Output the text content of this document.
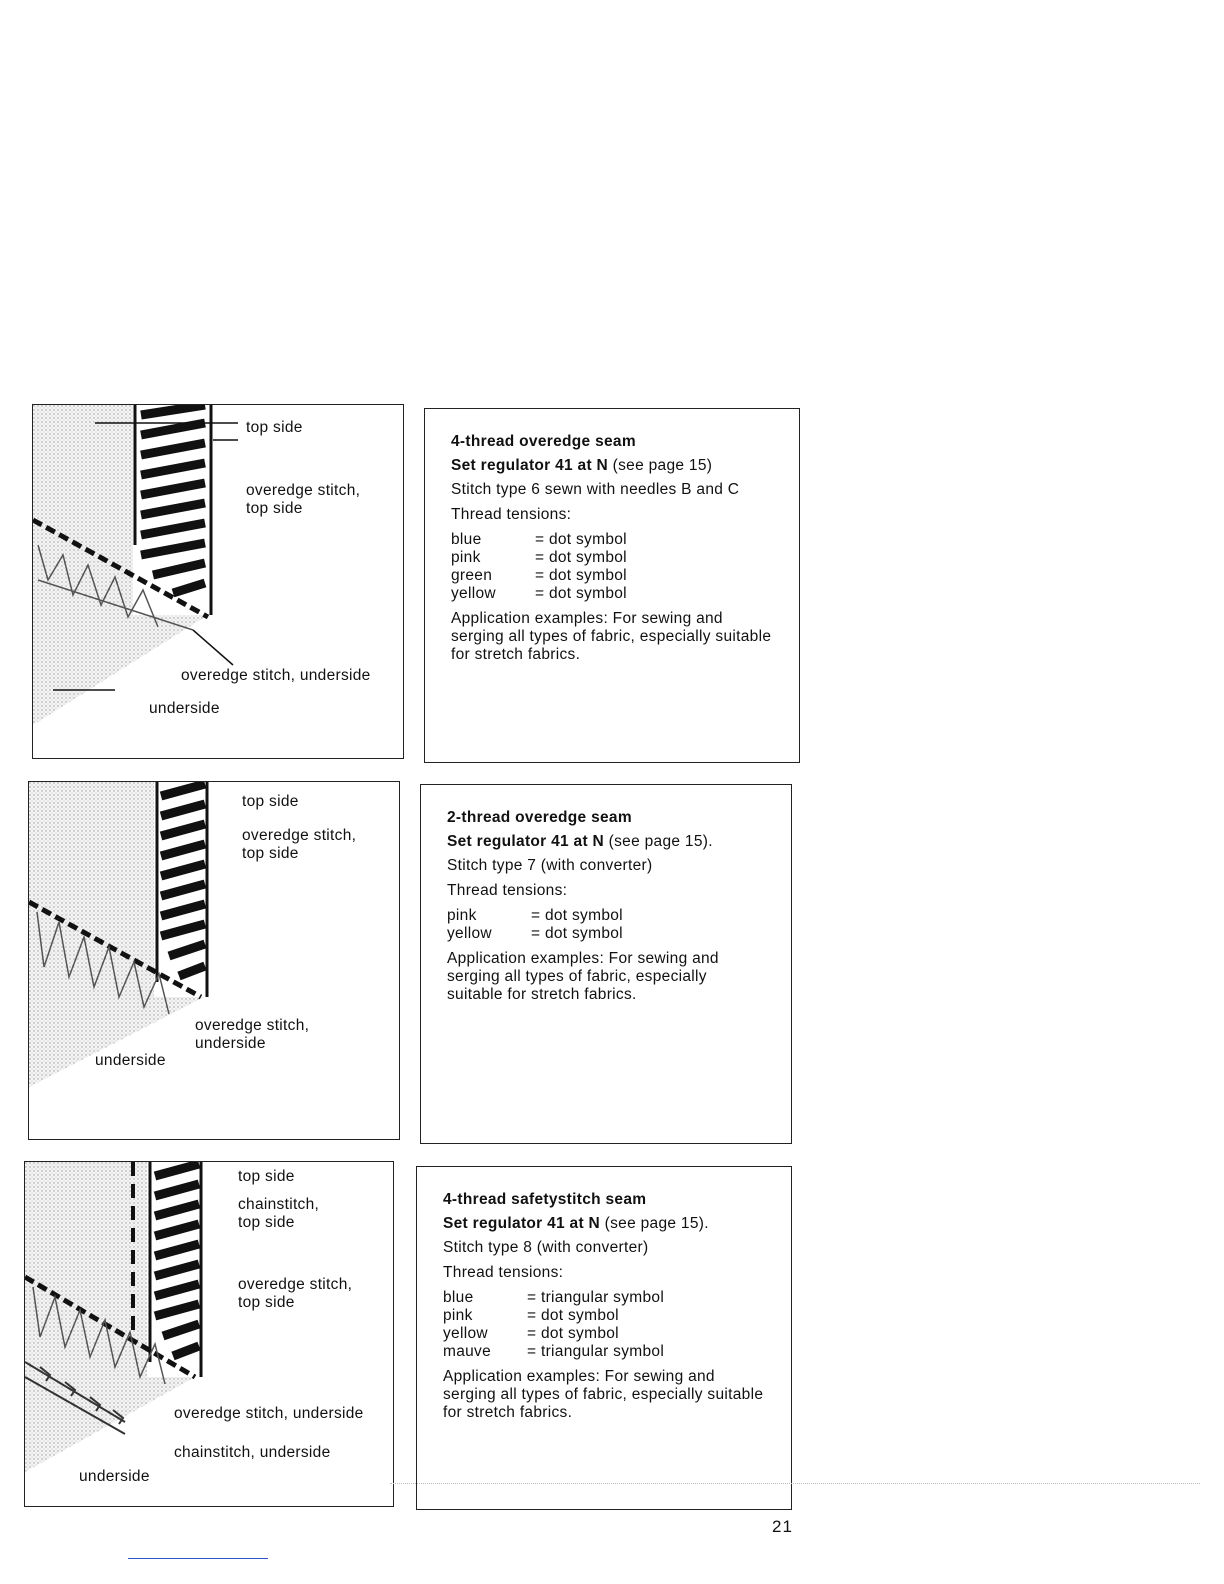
top side
overedge stitch,
top side
overedge stitch, underside
underside
4-thread overedge seam
Set regulator 41 at N (see page 15)
Stitch type 6 sewn with needles B and C
Thread tensions:
blue	= dot symbol
pink	= dot symbol
green	= dot symbol
yellow	= dot symbol
Application examples: For sewing and serging all types of fabric, especially suitable for stretch fabrics.
top side
overedge stitch,
top side
overedge stitch,
underside
underside
2-thread overedge seam
Set regulator 41 at N (see page 15).
Stitch type 7 (with converter)
Thread tensions:
pink	= dot symbol
yellow	= dot symbol
Application examples: For sewing and serging all types of fabric, especially suitable for stretch fabrics.
top side
chainstitch,
top side
overedge stitch,
top side
overedge stitch, underside
chainstitch, underside
underside
4-thread safetystitch seam
Set regulator 41 at N (see page 15).
Stitch type 8 (with converter)
Thread tensions:
blue	= triangular symbol
pink	= dot symbol
yellow	= dot symbol
mauve	= triangular symbol
Application examples: For sewing and serging all types of fabric, especially suitable for stretch fabrics.
21
